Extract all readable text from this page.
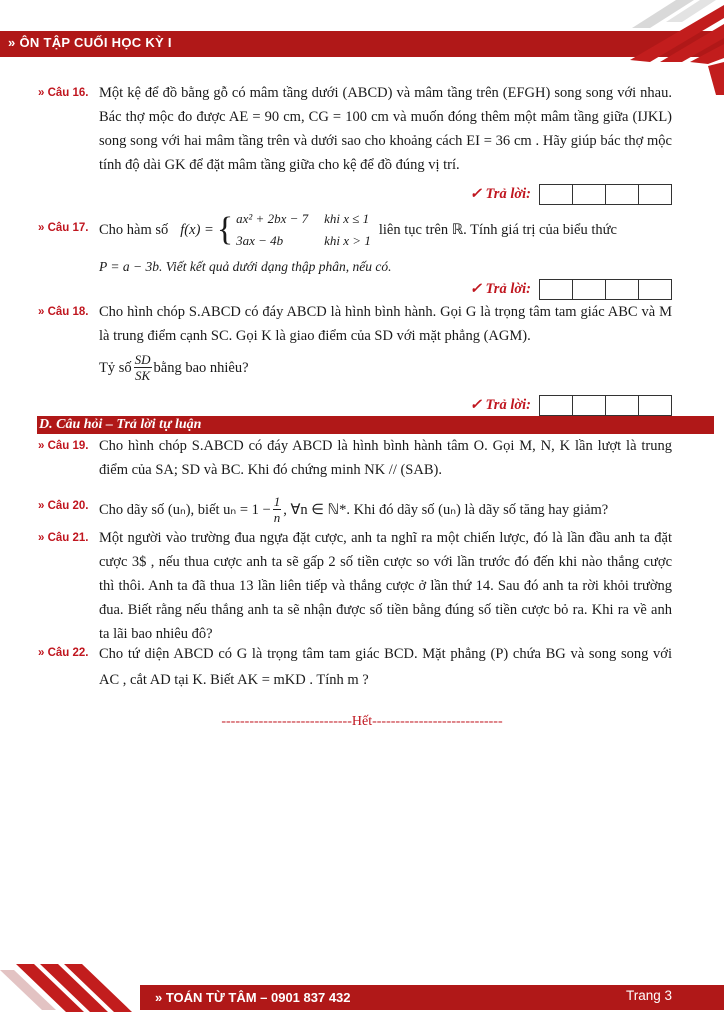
» ÔN TẬP CUỐI HỌC KỲ I
» Câu 16. Một kệ để đồ bằng gỗ có mâm tầng dưới (ABCD) và mâm tầng trên (EFGH) song song với nhau. Bác thợ mộc đo được AE = 90 cm, CG = 100 cm và muốn đóng thêm một mâm tầng giữa (IJKL) song song với hai mâm tầng trên và dưới sao cho khoảng cách EI = 36 cm . Hãy giúp bác thợ mộc tính độ dài GK để đặt mâm tầng giữa cho kệ để đồ đúng vị trí.
✓ Trả lời:
» Câu 17. Cho hàm số f(x) = { ax² + 2bx − 7	khi x ≤ 1
3ax − 4b	khi x > 1
liên tục trên ℝ. Tính giá trị của biểu thức
P = a − 3b. Viết kết quả dưới dạng thập phân, nếu có.
✓ Trả lời:
» Câu 18. Cho hình chóp S.ABCD có đáy ABCD là hình bình hành. Gọi G là trọng tâm tam giác ABC và M là trung điểm cạnh SC. Gọi K là giao điểm của SD với mặt phẳng (AGM).
Tỷ số $\frac{SD}{SK}$ bằng bao nhiêu?
✓ Trả lời:
D. Câu hỏi – Trả lời tự luận
» Câu 19. Cho hình chóp S.ABCD có đáy ABCD là hình bình hành tâm O. Gọi M, N, K lần lượt là trung điểm của SA; SD và BC. Khi đó chứng minh NK // (SAB).
» Câu 20. Cho dãy số (uₙ), biết $u_n = 1 - \frac{1}{n}$ , ∀n ∈ ℕ*. Khi đó dãy số (uₙ) là dãy số tăng hay giảm?
» Câu 21. Một người vào trường đua ngựa đặt cược, anh ta nghĩ ra một chiến lược, đó là lần đầu anh ta đặt cược 3$ , nếu thua cược anh ta sẽ gấp 2 số tiền cược so với lần trước đó đến khi nào thắng cược thì thôi. Anh ta đã thua 13 lần liên tiếp và thắng cược ở lần thứ 14. Sau đó anh ta rời khỏi trường đua. Biết rằng nếu thắng anh ta sẽ nhận được số tiền bằng đúng số tiền cược bỏ ra. Khi ra về anh ta lãi bao nhiêu đô?
» Câu 22. Cho tứ diện ABCD có G là trọng tâm tam giác BCD. Mặt phẳng (P) chứa BG và song song với AC , cắt AD tại K. Biết AK = mKD . Tính m ?
----------------------------Hết----------------------------
» TOÁN TỪ TÂM – 0901 837 432	Trang 3
